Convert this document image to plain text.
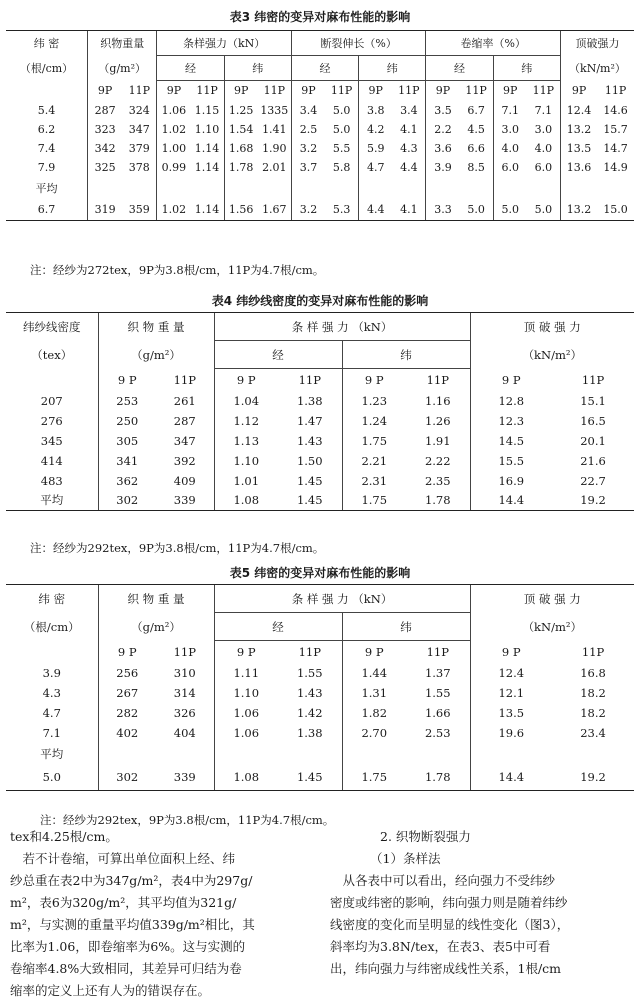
表3 纬密的变异对麻布性能的影响
纬 密	织物重量		条样强力（kN）				断裂伸长（%）				卷缩率（%）				顶破强力	
（根/cm）	（g/m²）		经		纬		经		纬		经		纬		（kN/m²）	
	9P	11P	9P	11P	9P	11P	9P	11P	9P	11P	9P	11P	9P	11P	9P	11P
5.4	287	324	1.06	1.15	1.25	1335	3.4	5.0	3.8	3.4	3.5	6.7	7.1	7.1	12.4	14.6
6.2	323	347	1.02	1.10	1.54	1.41	2.5	5.0	4.2	4.1	2.2	4.5	3.0	3.0	13.2	15.7
7.4	342	379	1.00	1.14	1.68	1.90	3.2	5.5	5.9	4.3	3.6	6.6	4.0	4.0	13.5	14.7
7.9	325	378	0.99	1.14	1.78	2.01	3.7	5.8	4.7	4.4	3.9	8.5	6.0	6.0	13.6	14.9
平均																
6.7	319	359	1.02	1.14	1.56	1.67	3.2	5.3	4.4	4.1	3.3	5.0	5.0	5.0	13.2	15.0
注：经纱为272tex，9P为3.8根/cm，11P为4.7根/cm。
表4 纬纱线密度的变异对麻布性能的影响
纬纱线密度	织 物 重 量		条 样 强 力 （kN）				顶 破 强 力	
（tex）	（g/m²）		经		纬		（kN/m²）	
	9 P	11P	9 P	11P	9 P	11P	9 P	11P
207	253	261	1.04	1.38	1.23	1.16	12.8	15.1
276	250	287	1.12	1.47	1.24	1.26	12.3	16.5
345	305	347	1.13	1.43	1.75	1.91	14.5	20.1
414	341	392	1.10	1.50	2.21	2.22	15.5	21.6
483	362	409	1.01	1.45	2.31	2.35	16.9	22.7
平均	302	339	1.08	1.45	1.75	1.78	14.4	19.2
注：经纱为292tex，9P为3.8根/cm，11P为4.7根/cm。
表5 纬密的变异对麻布性能的影响
纬 密	织 物 重 量		条 样 强 力 （kN）				顶 破 强 力	
（根/cm）	（g/m²）		经		纬		（kN/m²）	
	9 P	11P	9 P	11P	9 P	11P	9 P	11P
3.9	256	310	1.11	1.55	1.44	1.37	12.4	16.8
4.3	267	314	1.10	1.43	1.31	1.55	12.1	18.2
4.7	282	326	1.06	1.42	1.82	1.66	13.5	18.2
7.1	402	404	1.06	1.38	2.70	2.53	19.6	23.4
平均								
5.0	302	339	1.08	1.45	1.75	1.78	14.4	19.2
注：经纱为292tex，9P为3.8根/cm，11P为4.7根/cm。
tex和4.25根/cm。
　若不计卷缩，可算出单位面积上经、纬
纱总重在表2中为347g/m²，表4中为297g/
m²，表6为320g/m²，其平均值为321g/
m²，与实测的重量平均值339g/m²相比，其
比率为1.06，即卷缩率为6%。这与实测的
卷缩率4.8%大致相同，其差异可归结为卷
缩率的定义上还有人为的错误存在。
2. 织物断裂强力
（1）条样法
　从各表中可以看出，经向强力不受纬纱
密度或纬密的影响，纬向强力则是随着纬纱
线密度的变化而呈明显的线性变化（图3），
斜率均为3.8N/tex，在表3、表5中可看
出，纬向强力与纬密成线性关系，1根/cm
